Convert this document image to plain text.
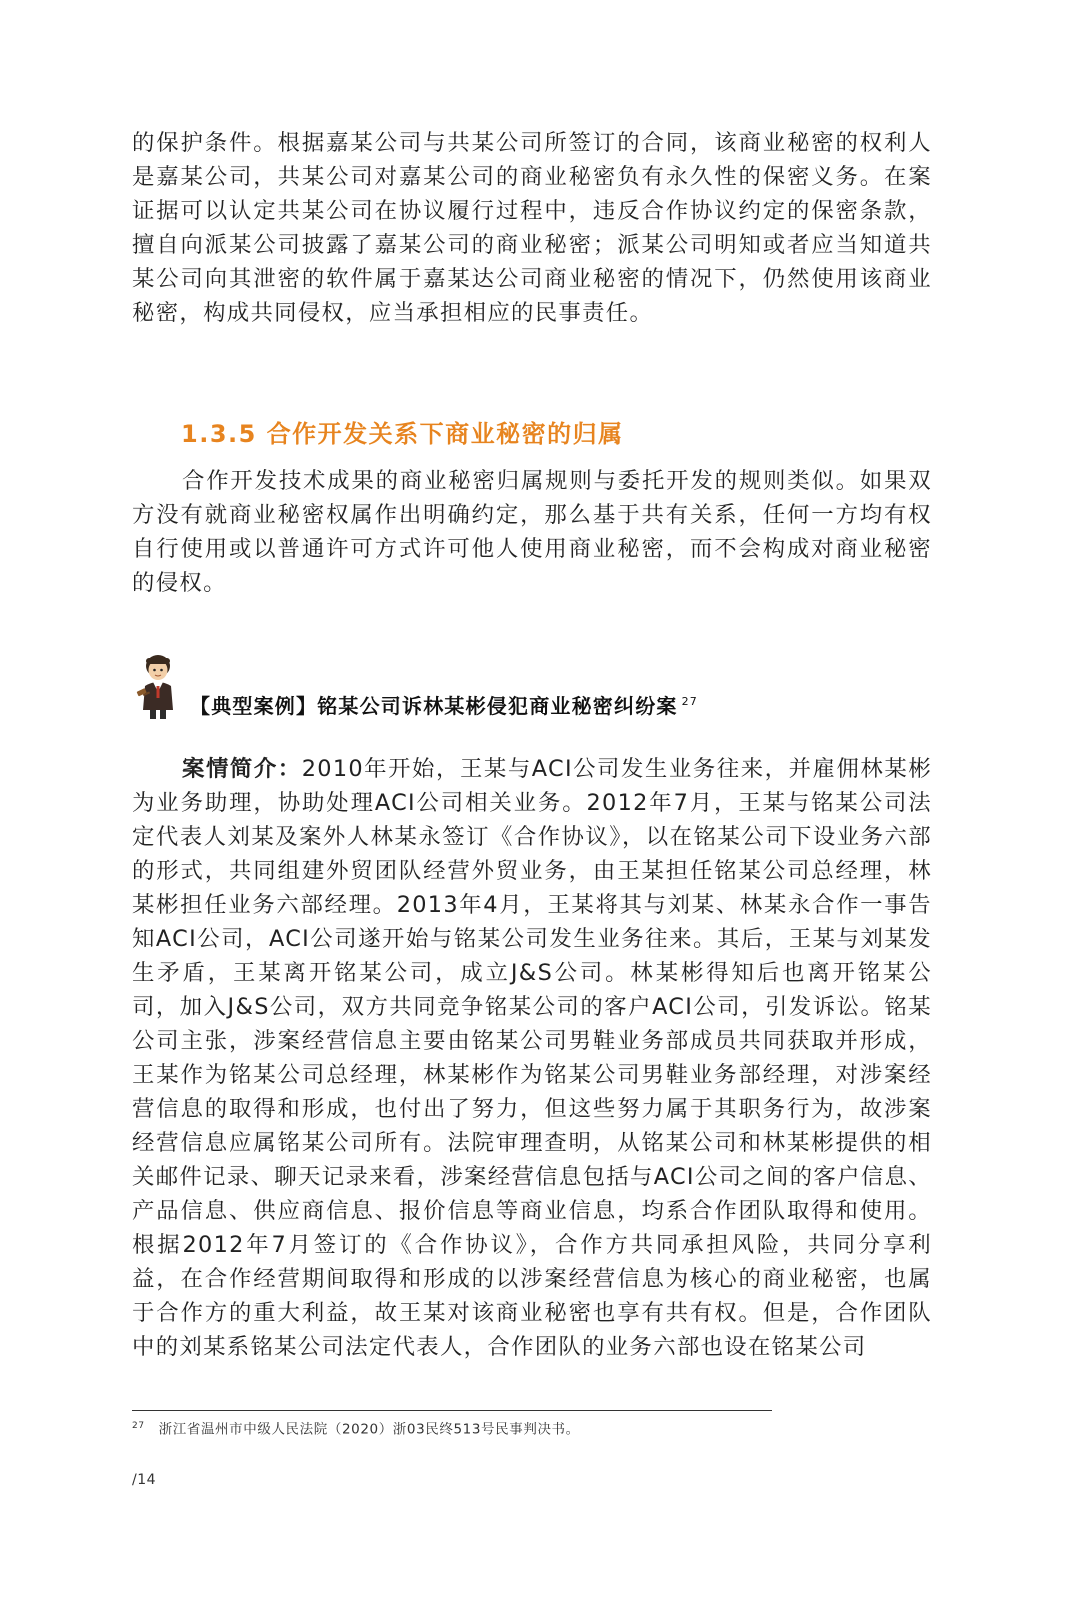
的保护条件。根据嘉某公司与共某公司所签订的合同，该商业秘密的权利人是嘉某公司，共某公司对嘉某公司的商业秘密负有永久性的保密义务。在案证据可以认定共某公司在协议履行过程中，违反合作协议约定的保密条款，擅自向派某公司披露了嘉某公司的商业秘密；派某公司明知或者应当知道共某公司向其泄密的软件属于嘉某达公司商业秘密的情况下，仍然使用该商业秘密，构成共同侵权，应当承担相应的民事责任。

1.3.5 合作开发关系下商业秘密的归属

合作开发技术成果的商业秘密归属规则与委托开发的规则类似。如果双方没有就商业秘密权属作出明确约定，那么基于共有关系，任何一方均有权自行使用或以普通许可方式许可他人使用商业秘密，而不会构成对商业秘密的侵权。

【典型案例】铭某公司诉林某彬侵犯商业秘密纠纷案 $^{27}$

案情简介：2010年开始，王某与ACI公司发生业务往来，并雇佣林某彬为业务助理，协助处理ACI公司相关业务。2012年7月，王某与铭某公司法定代表人刘某及案外人林某永签订《合作协议》，以在铭某公司下设业务六部的形式，共同组建外贸团队经营外贸业务，由王某担任铭某公司总经理，林某彬担任业务六部经理。2013年4月，王某将其与刘某、林某永合作一事告知ACI公司，ACI公司遂开始与铭某公司发生业务往来。其后，王某与刘某发生矛盾，王某离开铭某公司，成立J&S公司。林某彬得知后也离开铭某公司，加入J&S公司，双方共同竞争铭某公司的客户ACI公司，引发诉讼。铭某公司主张，涉案经营信息主要由铭某公司男鞋业务部成员共同获取并形成，王某作为铭某公司总经理，林某彬作为铭某公司男鞋业务部经理，对涉案经营信息的取得和形成，也付出了努力，但这些努力属于其职务行为，故涉案经营信息应属铭某公司所有。法院审理查明，从铭某公司和林某彬提供的相关邮件记录、聊天记录来看，涉案经营信息包括与ACI公司之间的客户信息、产品信息、供应商信息、报价信息等商业信息，均系合作团队取得和使用。根据2012年7月签订的《合作协议》，合作方共同承担风险，共同分享利益，在合作经营期间取得和形成的以涉案经营信息为核心的商业秘密，也属于合作方的重大利益，故王某对该商业秘密也享有共有权。但是，合作团队中的刘某系铭某公司法定代表人，合作团队的业务六部也设在铭某公司

$^{27}$ 浙江省温州市中级人民法院（2020）浙03民终513号民事判决书。

/14
